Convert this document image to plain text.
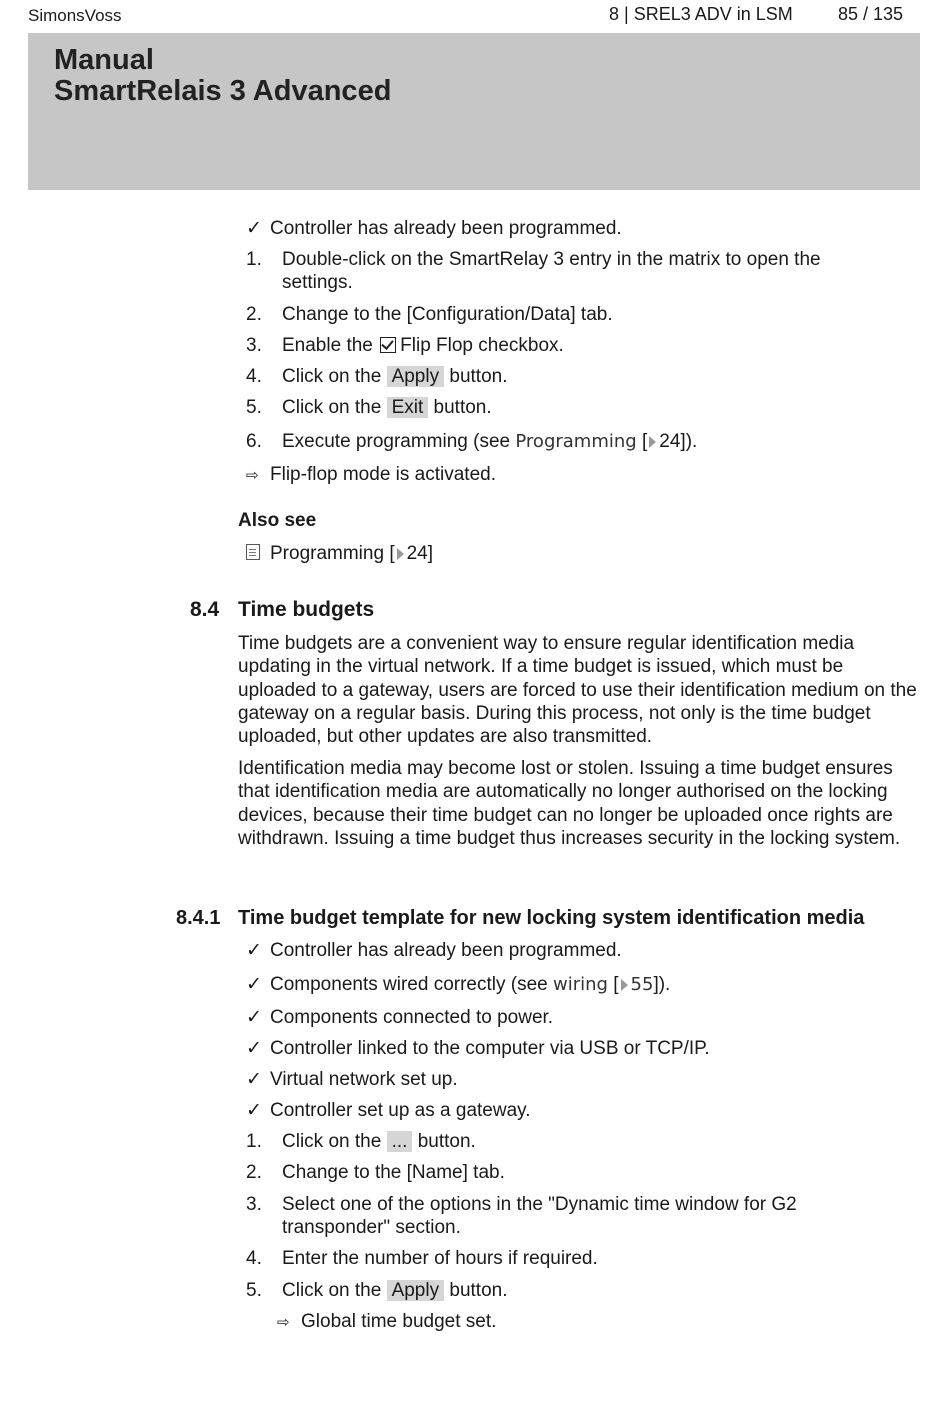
SimonsVoss	8 | SREL3 ADV in LSM	85 / 135
Manual
SmartRelais 3 Advanced
✓ Controller has already been programmed.
1. Double-click on the SmartRelay 3 entry in the matrix to open the
settings.
2. Change to the [Configuration/Data] tab.
3. Enable the Flip Flop checkbox.
4. Click on the Apply button.
5. Click on the Exit button.
6. Execute programming (see Programming [ 24]).
⇨ Flip-flop mode is activated.
Also see
Programming [ 24]
8.4 Time budgets
Time budgets are a convenient way to ensure regular identification media updating in the virtual network. If a time budget is issued, which must be uploaded to a gateway, users are forced to use their identification medium on the gateway on a regular basis. During this process, not only is the time budget uploaded, but other updates are also transmitted.
Identification media may become lost or stolen. Issuing a time budget ensures that identification media are automatically no longer authorised on the locking devices, because their time budget can no longer be uploaded once rights are withdrawn. Issuing a time budget thus increases security in the locking system.
8.4.1 Time budget template for new locking system identification media
✓ Controller has already been programmed.
✓ Components wired correctly (see wiring [ 55]).
✓ Components connected to power.
✓ Controller linked to the computer via USB or TCP/IP.
✓ Virtual network set up.
✓ Controller set up as a gateway.
1. Click on the ... button.
2. Change to the [Name] tab.
3. Select one of the options in the "Dynamic time window for G2
transponder" section.
4. Enter the number of hours if required.
5. Click on the Apply button.
⇨ Global time budget set.
